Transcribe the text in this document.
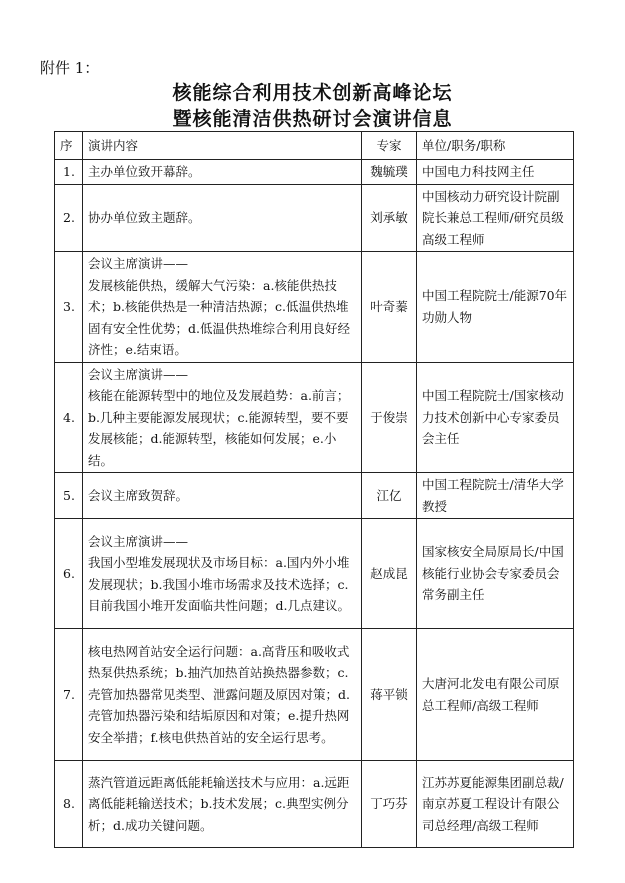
附件 1：
核能综合利用技术创新高峰论坛
暨核能清洁供热研讨会演讲信息
序	演讲内容	专家	单位/职务/职称
1.	主办单位致开幕辞。	魏毓璞	中国电力科技网主任
2.	协办单位致主题辞。	刘承敏	中国核动力研究设计院副院长兼总工程师/研究员级高级工程师
3.	会议主席演讲——
发展核能供热，缓解大气污染：a.核能供热技术；b.核能供热是一种清洁热源；c.低温供热堆固有安全性优势；d.低温供热堆综合利用良好经济性；e.结束语。	叶奇蓁	中国工程院院士/能源70年功勋人物
4.	会议主席演讲——
核能在能源转型中的地位及发展趋势：a.前言；b.几种主要能源发展现状；c.能源转型，要不要发展核能；d.能源转型，核能如何发展；e.小结。	于俊崇	中国工程院院士/国家核动力技术创新中心专家委员会主任
5.	会议主席致贺辞。	江亿	中国工程院院士/清华大学教授
6.	会议主席演讲——
我国小型堆发展现状及市场目标：a.国内外小堆发展现状；b.我国小堆市场需求及技术选择；c.目前我国小堆开发面临共性问题；d.几点建议。	赵成昆	国家核安全局原局长/中国核能行业协会专家委员会常务副主任
7.	核电热网首站安全运行问题：a.高背压和吸收式热泵供热系统；b.抽汽加热首站换热器参数；c.壳管加热器常见类型、泄露问题及原因对策；d.壳管加热器污染和结垢原因和对策；e.提升热网安全举措；f.核电供热首站的安全运行思考。	蒋平锁	大唐河北发电有限公司原总工程师/高级工程师
8.	蒸汽管道远距离低能耗输送技术与应用：a.远距离低能耗输送技术；b.技术发展；c.典型实例分析；d.成功关键问题。	丁巧芬	江苏苏夏能源集团副总裁/南京苏夏工程设计有限公司总经理/高级工程师
